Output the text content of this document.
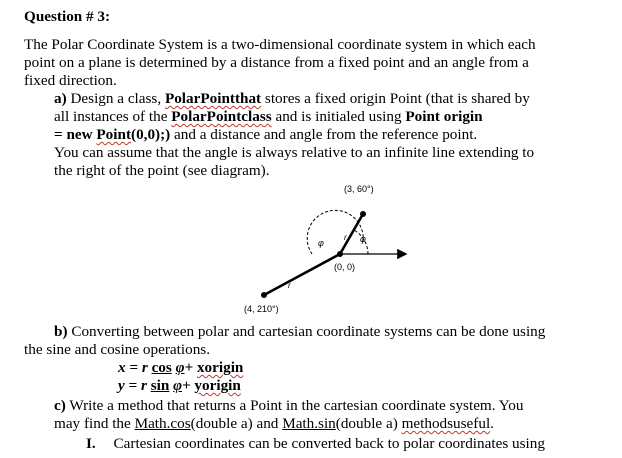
Question # 3:
The Polar Coordinate System is a two-dimensional coordinate system in which each
point on a plane is determined by a distance from a fixed point and an angle from a
fixed direction.
a) Design a class, PolarPointthat stores a fixed origin Point (that is shared by
all instances of the PolarPointclass and is initialed using Point origin
= new Point(0,0);) and a distance and angle from the reference point.
You can assume that the angle is always relative to an infinite line extending to
the right of the point (see diagram).
(3, 60°)
r φ
φ
(0, 0)
r
(4, 210°)
b) Converting between polar and cartesian coordinate systems can be done using
the sine and cosine operations.
x = r cos φ+ xorigin
y = r sin φ+ yorigin
c) Write a method that returns a Point in the cartesian coordinate system. You
may find the Math.cos(double a) and Math.sin(double a) methodsuseful.
I. Cartesian coordinates can be converted back to polar coordinates using
